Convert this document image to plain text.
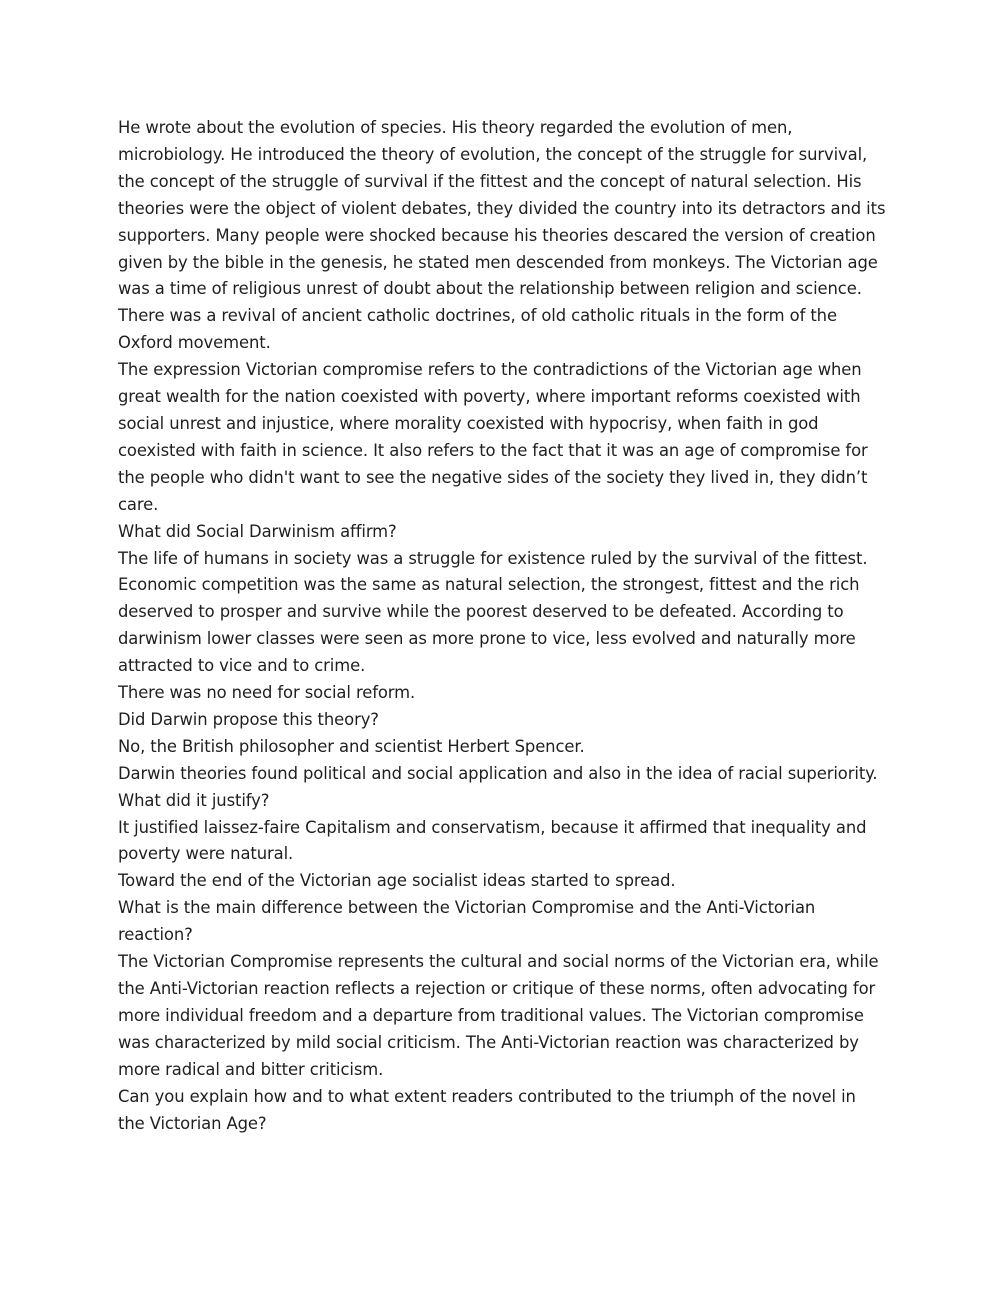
He wrote about the evolution of species. His theory regarded the evolution of men, microbiology. He introduced the theory of evolution, the concept of the struggle for survival, the concept of the struggle of survival if the fittest and the concept of natural selection. His theories were the object of violent debates, they divided the country into its detractors and its supporters. Many people were shocked because his theories descared the version of creation given by the bible in the genesis, he stated men descended from monkeys. The Victorian age was a time of religious unrest of doubt about the relationship between religion and science. There was a revival of ancient catholic doctrines, of old catholic rituals in the form of the Oxford movement.

The expression Victorian compromise refers to the contradictions of the Victorian age when great wealth for the nation coexisted with poverty, where important reforms coexisted with social unrest and injustice, where morality coexisted with hypocrisy, when faith in god coexisted with faith in science. It also refers to the fact that it was an age of compromise for the people who didn't want to see the negative sides of the society they lived in, they didn’t care.

What did Social Darwinism affirm?

The life of humans in society was a struggle for existence ruled by the survival of the fittest. Economic competition was the same as natural selection, the strongest, fittest and the rich deserved to prosper and survive while the poorest deserved to be defeated. According to darwinism lower classes were seen as more prone to vice, less evolved and naturally more attracted to vice and to crime.

There was no need for social reform.

Did Darwin propose this theory?

No, the British philosopher and scientist Herbert Spencer.

Darwin theories found political and social application and also in the idea of racial superiority.

What did it justify?

It justified laissez-faire Capitalism and conservatism, because it affirmed that inequality and poverty were natural.

Toward the end of the Victorian age socialist ideas started to spread.

What is the main difference between the Victorian Compromise and the Anti-Victorian reaction?

The Victorian Compromise represents the cultural and social norms of the Victorian era, while the Anti-Victorian reaction reflects a rejection or critique of these norms, often advocating for more individual freedom and a departure from traditional values. The Victorian compromise was characterized by mild social criticism. The Anti-Victorian reaction was characterized by more radical and bitter criticism.

Can you explain how and to what extent readers contributed to the triumph of the novel in the Victorian Age?
